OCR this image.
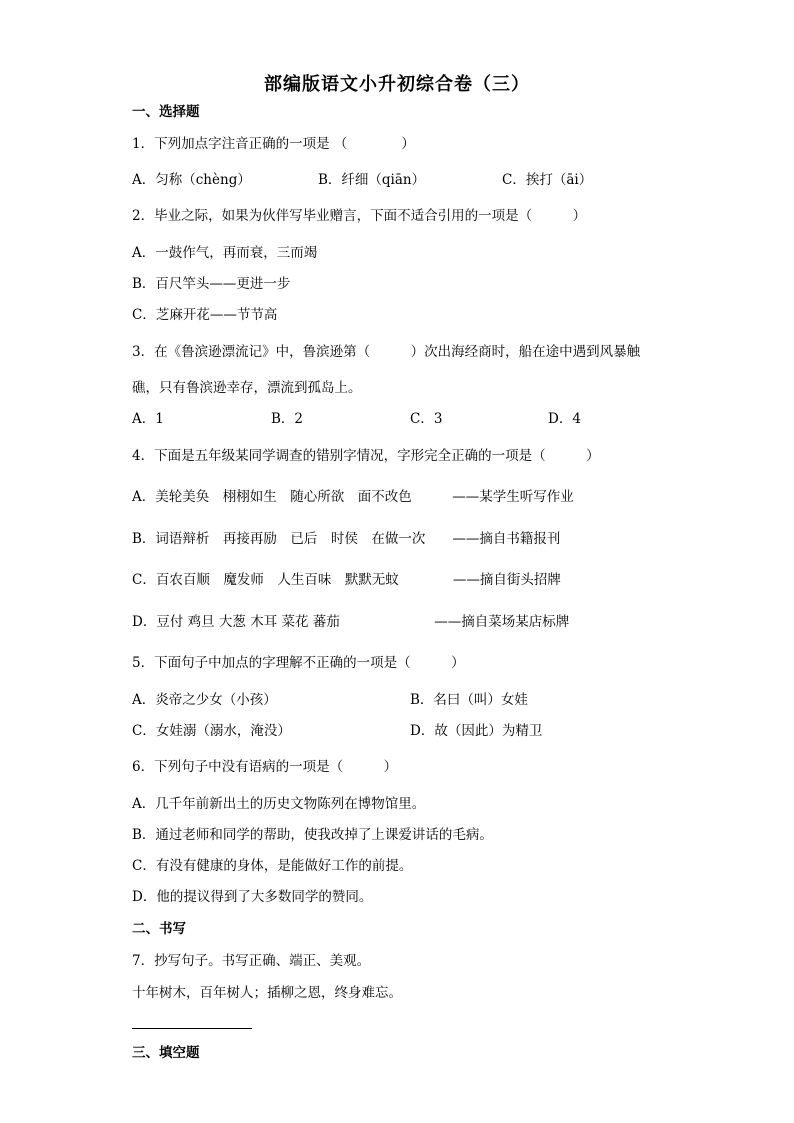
部编版语文小升初综合卷（三）
一、选择题
1．下列加点字注音正确的一项是 （　　　　）
A．匀称（chèng）	B．纤细（qiān）	C．挨打（āi）
2．毕业之际，如果为伙伴写毕业赠言，下面不适合引用的一项是（　　　）
A．一鼓作气，再而衰，三而竭
B．百尺竿头——更进一步
C．芝麻开花——节节高
3．在《鲁滨逊漂流记》中，鲁滨逊第（　　　）次出海经商时，船在途中遇到风暴触
礁，只有鲁滨逊幸存，漂流到孤岛上。
A．1	B．2	C．3	D．4
4．下面是五年级某同学调查的错别字情况，字形完全正确的一项是（　　　）
A．美轮美奂　栩栩如生　随心所欲　面不改色　　　——某学生听写作业
B．词语辩析　再接再励　已后　时侯　在做一次　　——摘自书籍报刊
C．百农百顺　魔发师　人生百味　默默无蚊　　　　——摘自街头招牌
D．豆付 鸡旦 大葱 木耳 菜花 蕃茄　　　　　　　——摘自菜场某店标牌
5．下面句子中加点的字理解不正确的一项是（　　　）
A．炎帝之少女（小孩）	B．名曰（叫）女娃
C．女娃溺（溺水，淹没）	D．故（因此）为精卫
6．下列句子中没有语病的一项是（　　　）
A．几千年前新出土的历史文物陈列在博物馆里。
B．通过老师和同学的帮助，使我改掉了上课爱讲话的毛病。
C．有没有健康的身体，是能做好工作的前提。
D．他的提议得到了大多数同学的赞同。
二、书写
7．抄写句子。书写正确、端正、美观。
十年树木，百年树人；插柳之恩，终身难忘。
三、填空题
